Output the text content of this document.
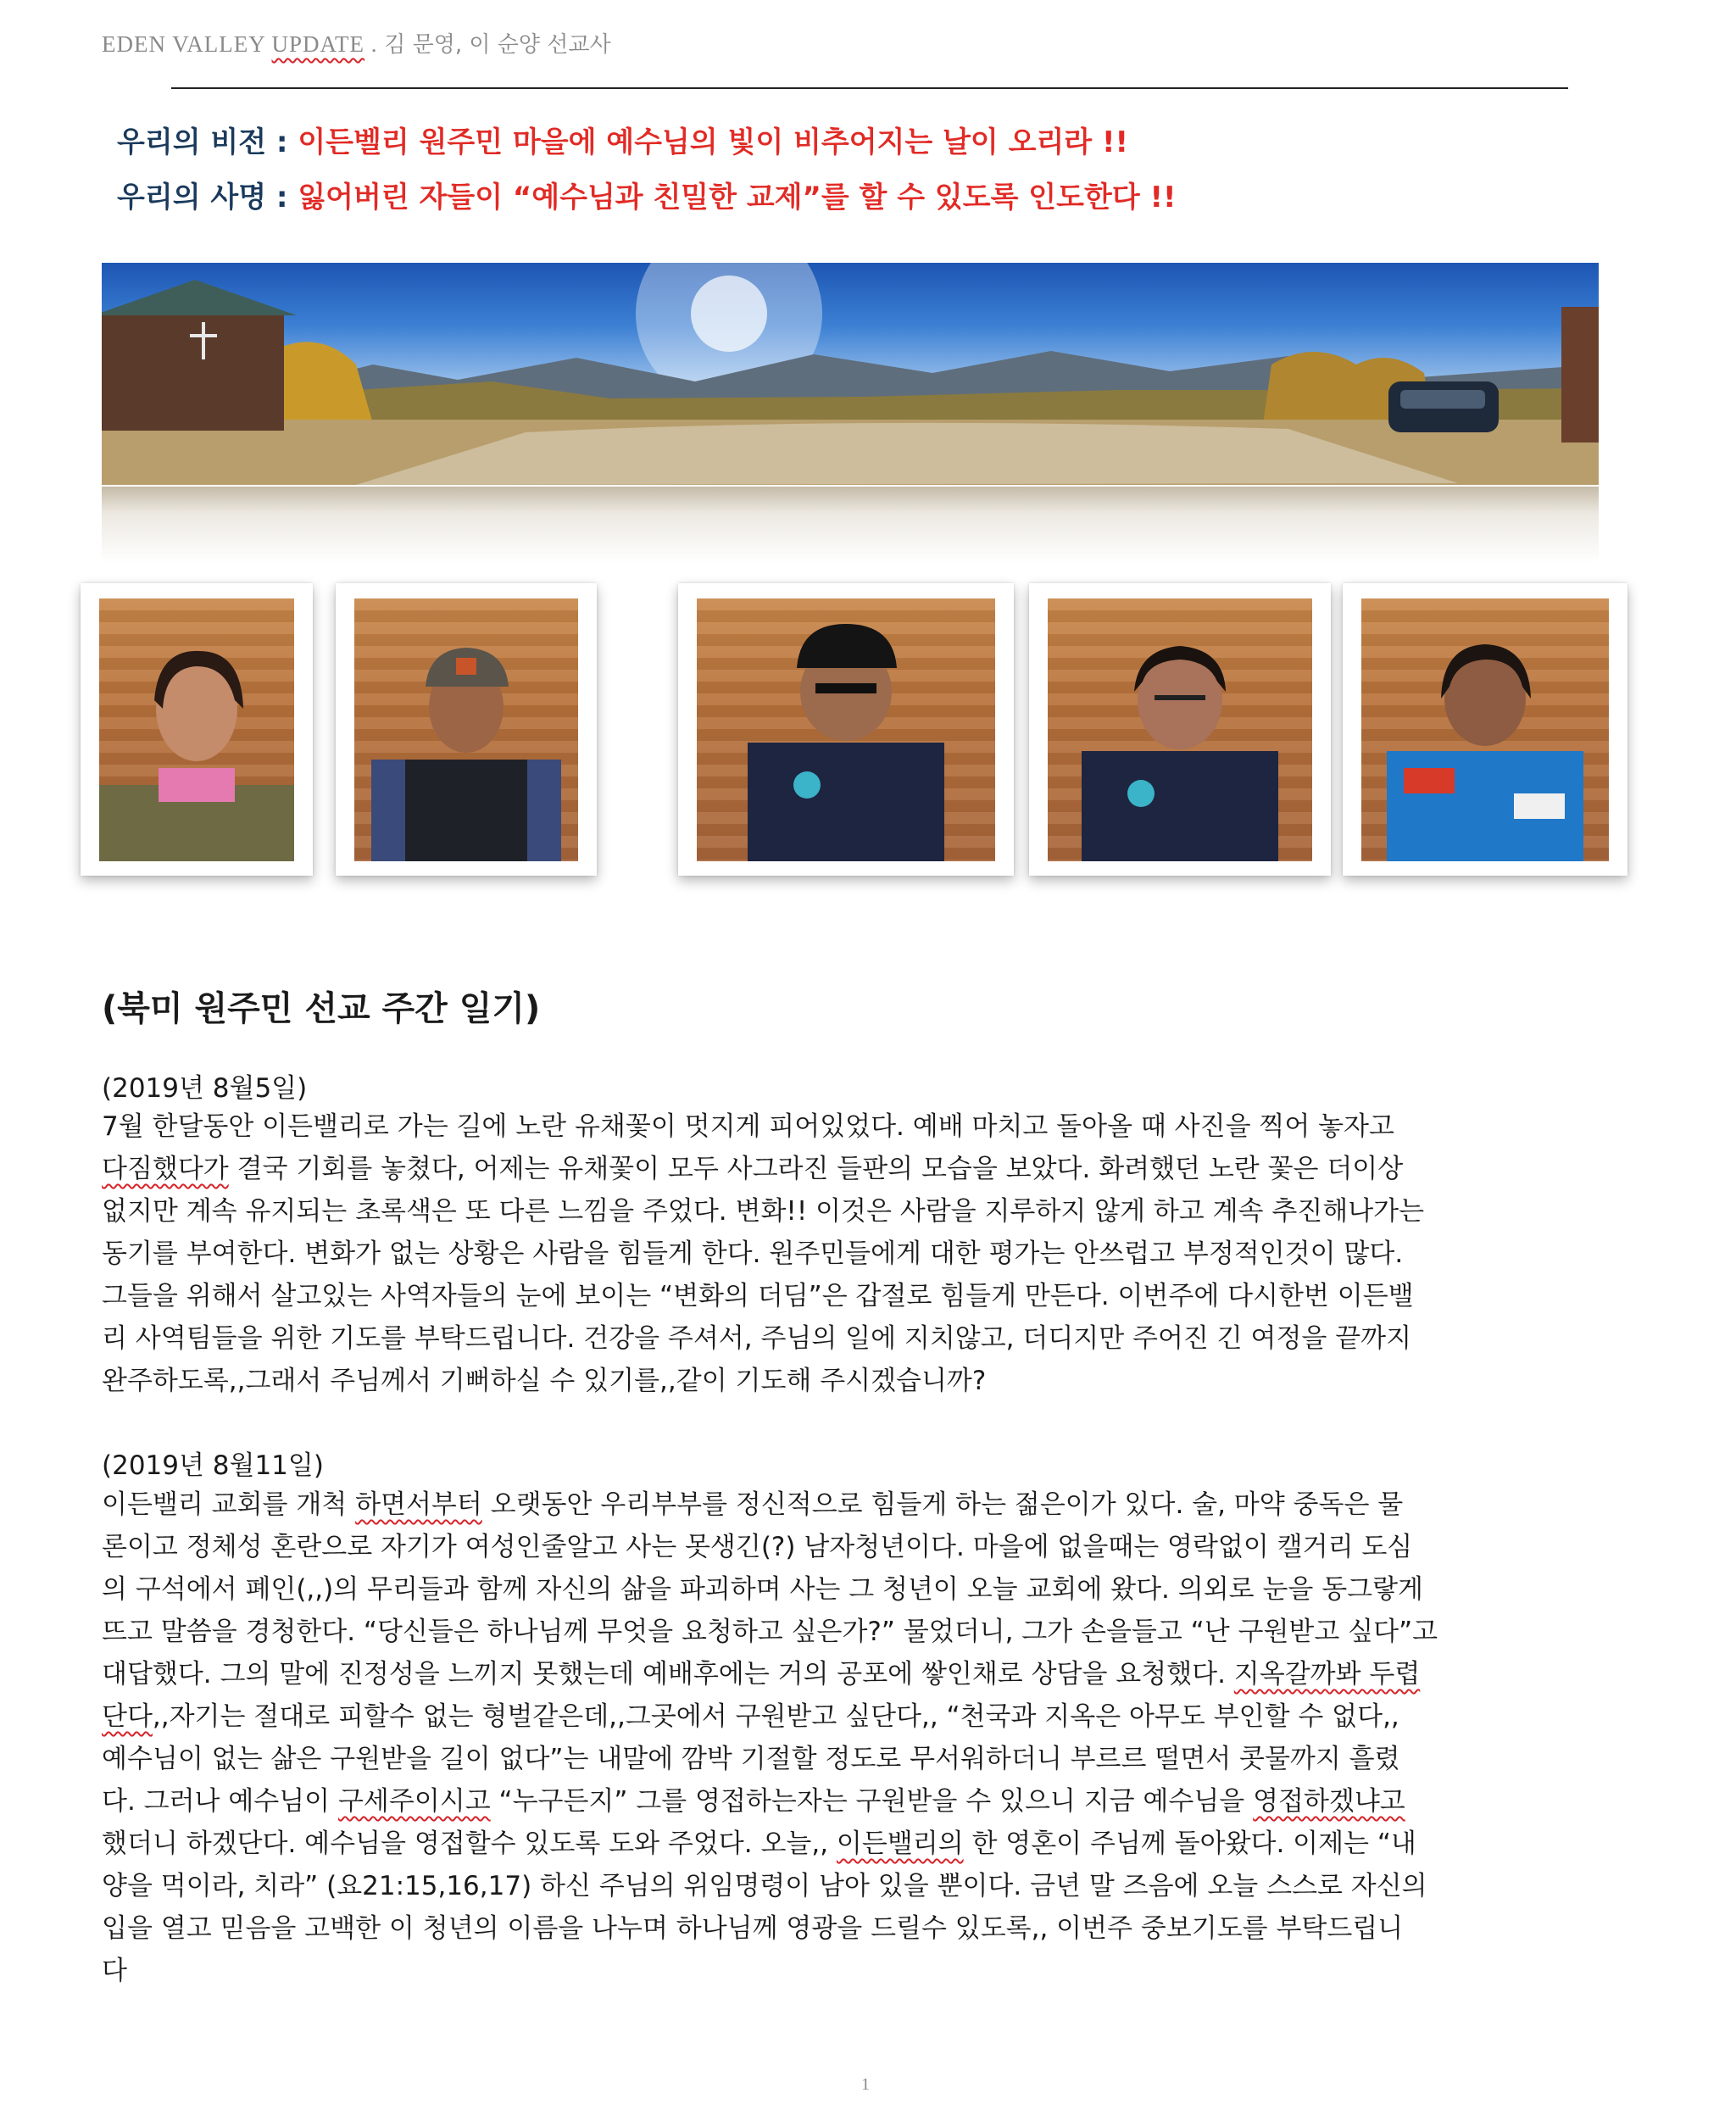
EDEN VALLEY UPDATE . 김 문영, 이 순양 선교사
우리의 비전 : 이든벨리 원주민 마을에 예수님의 빛이 비추어지는 날이 오리라 !!
우리의 사명 : 잃어버린 자들이 “예수님과 친밀한 교제”를 할 수 있도록 인도한다 !!
(북미 원주민 선교 주간 일기)
(2019년 8월5일)
7월 한달동안 이든밸리로 가는 길에 노란 유채꽃이 멋지게 피어있었다. 예배 마치고 돌아올 때 사진을 찍어 놓자고
다짐했다가 결국 기회를 놓쳤다, 어제는 유채꽃이 모두 사그라진 들판의 모습을 보았다. 화려했던 노란 꽃은 더이상
없지만 계속 유지되는 초록색은 또 다른 느낌을 주었다. 변화!! 이것은 사람을 지루하지 않게 하고 계속 추진해나가는
동기를 부여한다. 변화가 없는 상황은 사람을 힘들게 한다. 원주민들에게 대한 평가는 안쓰럽고 부정적인것이 많다.
그들을 위해서 살고있는 사역자들의 눈에 보이는 “변화의 더딤”은 갑절로 힘들게 만든다. 이번주에 다시한번 이든밸
리 사역팀들을 위한 기도를 부탁드립니다. 건강을 주셔서, 주님의 일에 지치않고, 더디지만 주어진 긴 여정을 끝까지
완주하도록,,그래서 주님께서 기뻐하실 수 있기를,,같이 기도해 주시겠습니까?
(2019년 8월11일)
이든밸리 교회를 개척 하면서부터 오랫동안 우리부부를 정신적으로 힘들게 하는 젊은이가 있다. 술, 마약 중독은 물
론이고 정체성 혼란으로 자기가 여성인줄알고 사는 못생긴(?) 남자청년이다. 마을에 없을때는 영락없이 캘거리 도심
의 구석에서 폐인(,,)의 무리들과 함께 자신의 삶을 파괴하며 사는 그 청년이 오늘 교회에 왔다. 의외로 눈을 동그랗게
뜨고 말씀을 경청한다. “당신들은 하나님께 무엇을 요청하고 싶은가?” 물었더니, 그가 손을들고 “난 구원받고 싶다”고
대답했다. 그의 말에 진정성을 느끼지 못했는데 예배후에는 거의 공포에 쌓인채로 상담을 요청했다. 지옥갈까봐 두렵
단다,,자기는 절대로 피할수 없는 형벌같은데,,그곳에서 구원받고 싶단다,, “천국과 지옥은 아무도 부인할 수 없다,,
예수님이 없는 삶은 구원받을 길이 없다”는 내말에 깜박 기절할 정도로 무서워하더니 부르르 떨면서 콧물까지 흘렸
다. 그러나 예수님이 구세주이시고 “누구든지” 그를 영접하는자는 구원받을 수 있으니 지금 예수님을 영접하겠냐고
했더니 하겠단다. 예수님을 영접할수 있도록 도와 주었다. 오늘,, 이든밸리의 한 영혼이 주님께 돌아왔다. 이제는 “내
양을 먹이라, 치라” (요21:15,16,17) 하신 주님의 위임명령이 남아 있을 뿐이다. 금년 말 즈음에 오늘 스스로 자신의
입을 열고 믿음을 고백한 이 청년의 이름을 나누며 하나님께 영광을 드릴수 있도록,, 이번주 중보기도를 부탁드립니
다
1
